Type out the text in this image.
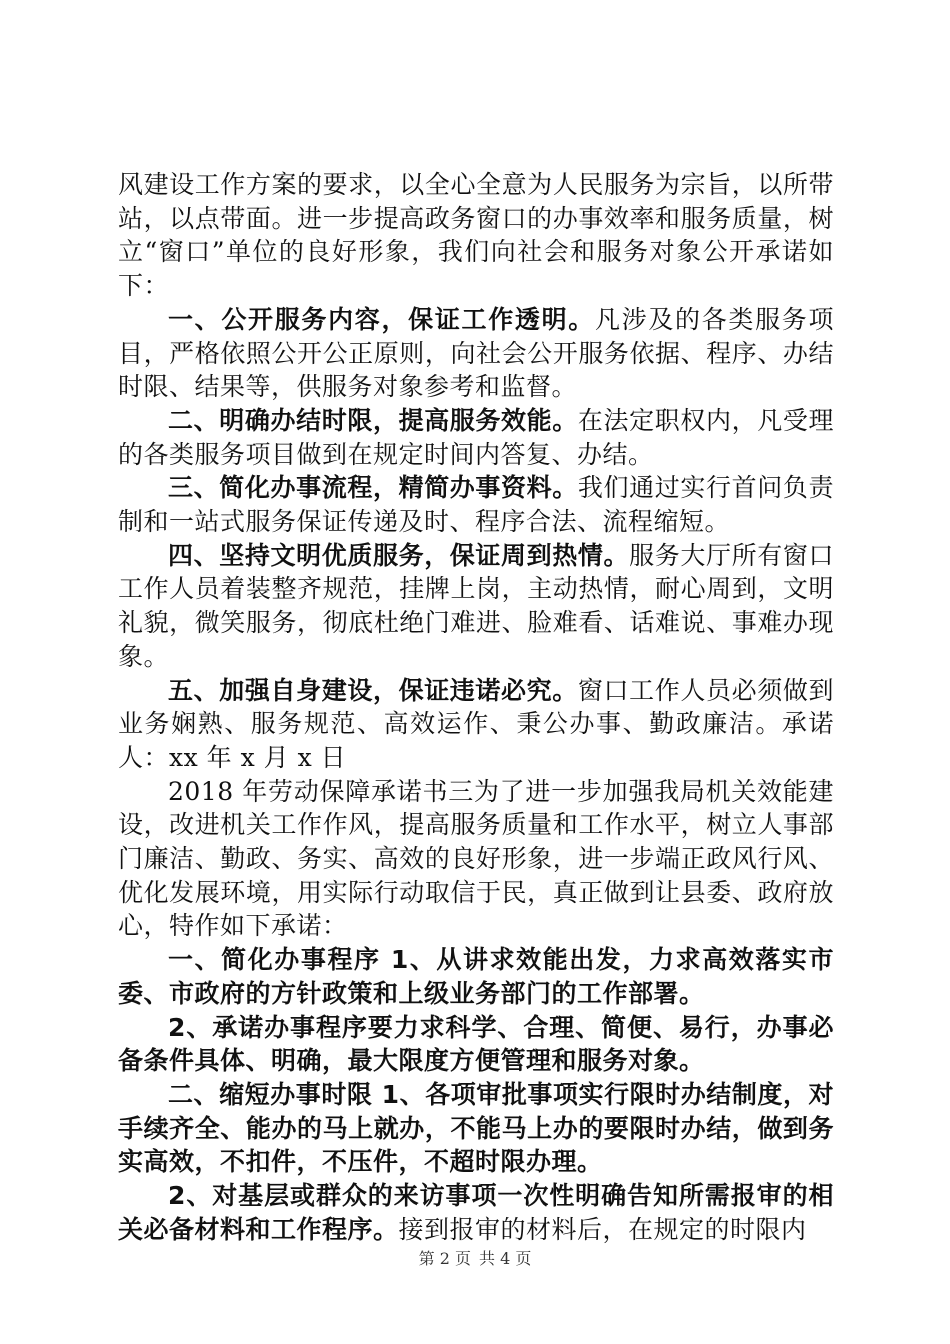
风建设工作方案的要求，以全心全意为人民服务为宗旨，以所带站，以点带面。进一步提高政务窗口的办事效率和服务质量，树立“窗口”单位的良好形象，我们向社会和服务对象公开承诺如下：

一、公开服务内容，保证工作透明。凡涉及的各类服务项目，严格依照公开公正原则，向社会公开服务依据、程序、办结时限、结果等，供服务对象参考和监督。

二、明确办结时限，提高服务效能。在法定职权内，凡受理的各类服务项目做到在规定时间内答复、办结。

三、简化办事流程，精简办事资料。我们通过实行首问负责制和一站式服务保证传递及时、程序合法、流程缩短。

四、坚持文明优质服务，保证周到热情。服务大厅所有窗口工作人员着装整齐规范，挂牌上岗，主动热情，耐心周到，文明礼貌，微笑服务，彻底杜绝门难进、脸难看、话难说、事难办现象。

五、加强自身建设，保证违诺必究。窗口工作人员必须做到业务娴熟、服务规范、高效运作、秉公办事、勤政廉洁。承诺人：xx 年 x 月 x 日

2018 年劳动保障承诺书三为了进一步加强我局机关效能建设，改进机关工作作风，提高服务质量和工作水平，树立人事部门廉洁、勤政、务实、高效的良好形象，进一步端正政风行风、优化发展环境，用实际行动取信于民，真正做到让县委、政府放心，特作如下承诺：

一、简化办事程序 1、从讲求效能出发，力求高效落实市委、市政府的方针政策和上级业务部门的工作部署。

2、承诺办事程序要力求科学、合理、简便、易行，办事必备条件具体、明确，最大限度方便管理和服务对象。

二、缩短办事时限 1、各项审批事项实行限时办结制度，对手续齐全、能办的马上就办，不能马上办的要限时办结，做到务实高效，不扣件，不压件，不超时限办理。

2、对基层或群众的来访事项一次性明确告知所需报审的相关必备材料和工作程序。接到报审的材料后，在规定的时限内

第 2 页 共 4 页
